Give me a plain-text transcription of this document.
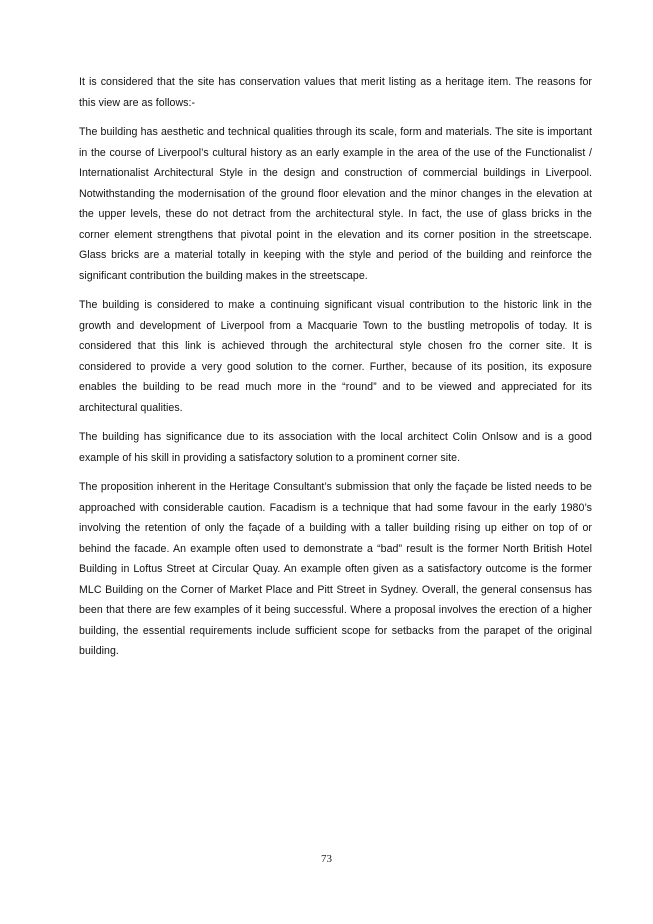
It is considered that the site has conservation values that merit listing as a heritage item. The reasons for this view are as follows:-

The building has aesthetic and technical qualities through its scale, form and materials. The site is important in the course of Liverpool’s cultural history as an early example in the area of the use of the Functionalist / Internationalist Architectural Style in the design and construction of commercial buildings in Liverpool. Notwithstanding the modernisation of the ground floor elevation and the minor changes in the elevation at the upper levels, these do not detract from the architectural style. In fact, the use of glass bricks in the corner element strengthens that pivotal point in the elevation and its corner position in the streetscape. Glass bricks are a material totally in keeping with the style and period of the building and reinforce the significant contribution the building makes in the streetscape.

The building is considered to make a continuing significant visual contribution to the historic link in the growth and development of Liverpool from a Macquarie Town to the bustling metropolis of today. It is considered that this link is achieved through the architectural style chosen fro the corner site. It is considered to provide a very good solution to the corner. Further, because of its position, its exposure enables the building to be read much more in the “round” and to be viewed and appreciated for its architectural qualities.

The building has significance due to its association with the local architect Colin Onlsow and is a good example of his skill in providing a satisfactory solution to a prominent corner site.

The proposition inherent in the Heritage Consultant’s submission that only the façade be listed needs to be approached with considerable caution. Facadism is a technique that had some favour in the early 1980’s involving the retention of only the façade of a building with a taller building rising up either on top of or behind the facade. An example often used to demonstrate a “bad” result is the former North British Hotel Building in Loftus Street at Circular Quay. An example often given as a satisfactory outcome is the former MLC Building on the Corner of Market Place and Pitt Street in Sydney. Overall, the general consensus has been that there are few examples of it being successful. Where a proposal involves the erection of a higher building, the essential requirements include sufficient scope for setbacks from the parapet of the original building.

73
